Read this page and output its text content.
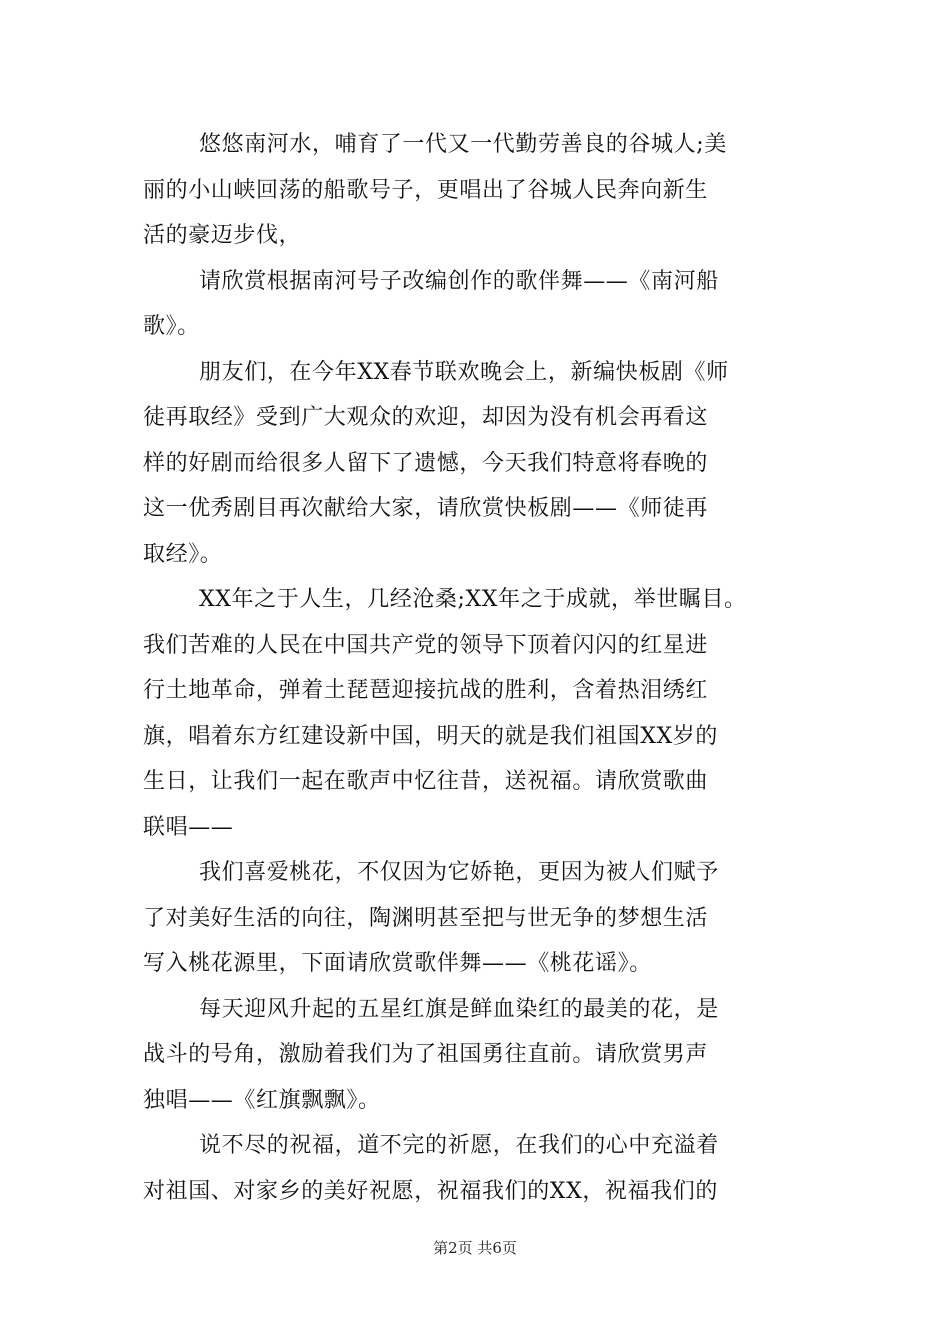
悠悠南河水，哺育了一代又一代勤劳善良的谷城人;美
丽的小山峡回荡的船歌号子，更唱出了谷城人民奔向新生
活的豪迈步伐，
请欣赏根据南河号子改编创作的歌伴舞——《南河船
歌》。
朋友们，在今年XX春节联欢晚会上，新编快板剧《师
徒再取经》受到广大观众的欢迎，却因为没有机会再看这
样的好剧而给很多人留下了遗憾，今天我们特意将春晚的
这一优秀剧目再次献给大家，请欣赏快板剧——《师徒再
取经》。
XX年之于人生，几经沧桑;XX年之于成就，举世瞩目。
我们苦难的人民在中国共产党的领导下顶着闪闪的红星进
行土地革命，弹着土琵琶迎接抗战的胜利，含着热泪绣红
旗，唱着东方红建设新中国，明天的就是我们祖国XX岁的
生日，让我们一起在歌声中忆往昔，送祝福。请欣赏歌曲
联唱——
我们喜爱桃花，不仅因为它娇艳，更因为被人们赋予
了对美好生活的向往，陶渊明甚至把与世无争的梦想生活
写入桃花源里，下面请欣赏歌伴舞——《桃花谣》。
每天迎风升起的五星红旗是鲜血染红的最美的花，是
战斗的号角，激励着我们为了祖国勇往直前。请欣赏男声
独唱——《红旗飘飘》。
说不尽的祝福，道不完的祈愿，在我们的心中充溢着
对祖国、对家乡的美好祝愿，祝福我们的XX，祝福我们的
第2页 共6页
